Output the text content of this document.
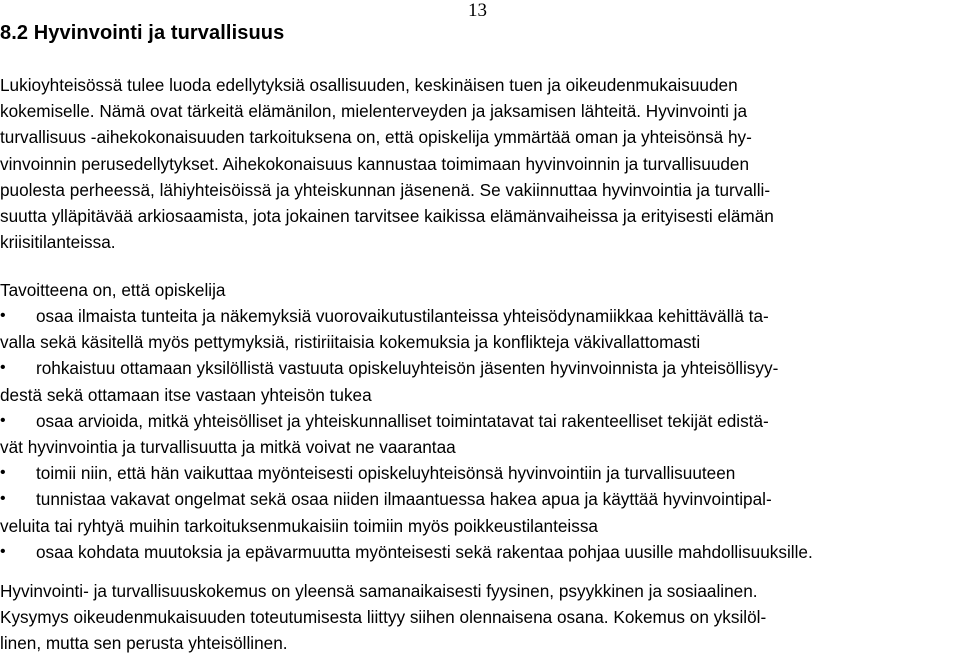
13
8.2 Hyvinvointi ja turvallisuus
Lukioyhteisössä tulee luoda edellytyksiä osallisuuden, keskinäisen tuen ja oikeudenmukaisuuden
kokemiselle. Nämä ovat tärkeitä elämänilon, mielenterveyden ja jaksamisen lähteitä. Hyvinvointi ja
turvallisuus -aihekokonaisuuden tarkoituksena on, että opiskelija ymmärtää oman ja yhteisönsä hy-
vinvoinnin perusedellytykset. Aihekokonaisuus kannustaa toimimaan hyvinvoinnin ja turvallisuuden
puolesta perheessä, lähiyhteisöissä ja yhteiskunnan jäsenenä. Se vakiinnuttaa hyvinvointia ja turvalli-
suutta ylläpitävää arkiosaamista, jota jokainen tarvitsee kaikissa elämänvaiheissa ja erityisesti elämän
kriisitilanteissa.
Tavoitteena on, että opiskelija
•	osaa ilmaista tunteita ja näkemyksiä vuorovaikutustilanteissa yhteisödynamiikkaa kehittävällä ta-
valla sekä käsitellä myös pettymyksiä, ristiriitaisia kokemuksia ja konflikteja väkivallattomasti
•	rohkaistuu ottamaan yksilöllistä vastuuta opiskeluyhteisön jäsenten hyvinvoinnista ja yhteisöllisyy-
destä sekä ottamaan itse vastaan yhteisön tukea
•	osaa arvioida, mitkä yhteisölliset ja yhteiskunnalliset toimintatavat tai rakenteelliset tekijät edistä-
vät hyvinvointia ja turvallisuutta ja mitkä voivat ne vaarantaa
•	toimii niin, että hän vaikuttaa myönteisesti opiskeluyhteisönsä hyvinvointiin ja turvallisuuteen
•	tunnistaa vakavat ongelmat sekä osaa niiden ilmaantuessa hakea apua ja käyttää hyvinvointipal-
veluita tai ryhtyä muihin tarkoituksenmukaisiin toimiin myös poikkeustilanteissa
•	osaa kohdata muutoksia ja epävarmuutta myönteisesti sekä rakentaa pohjaa uusille mahdollisuuksille.
Hyvinvointi- ja turvallisuuskokemus on yleensä samanaikaisesti fyysinen, psyykkinen ja sosiaalinen.
Kysymys oikeudenmukaisuuden toteutumisesta liittyy siihen olennaisena osana. Kokemus on yksilöl-
linen, mutta sen perusta yhteisöllinen.
